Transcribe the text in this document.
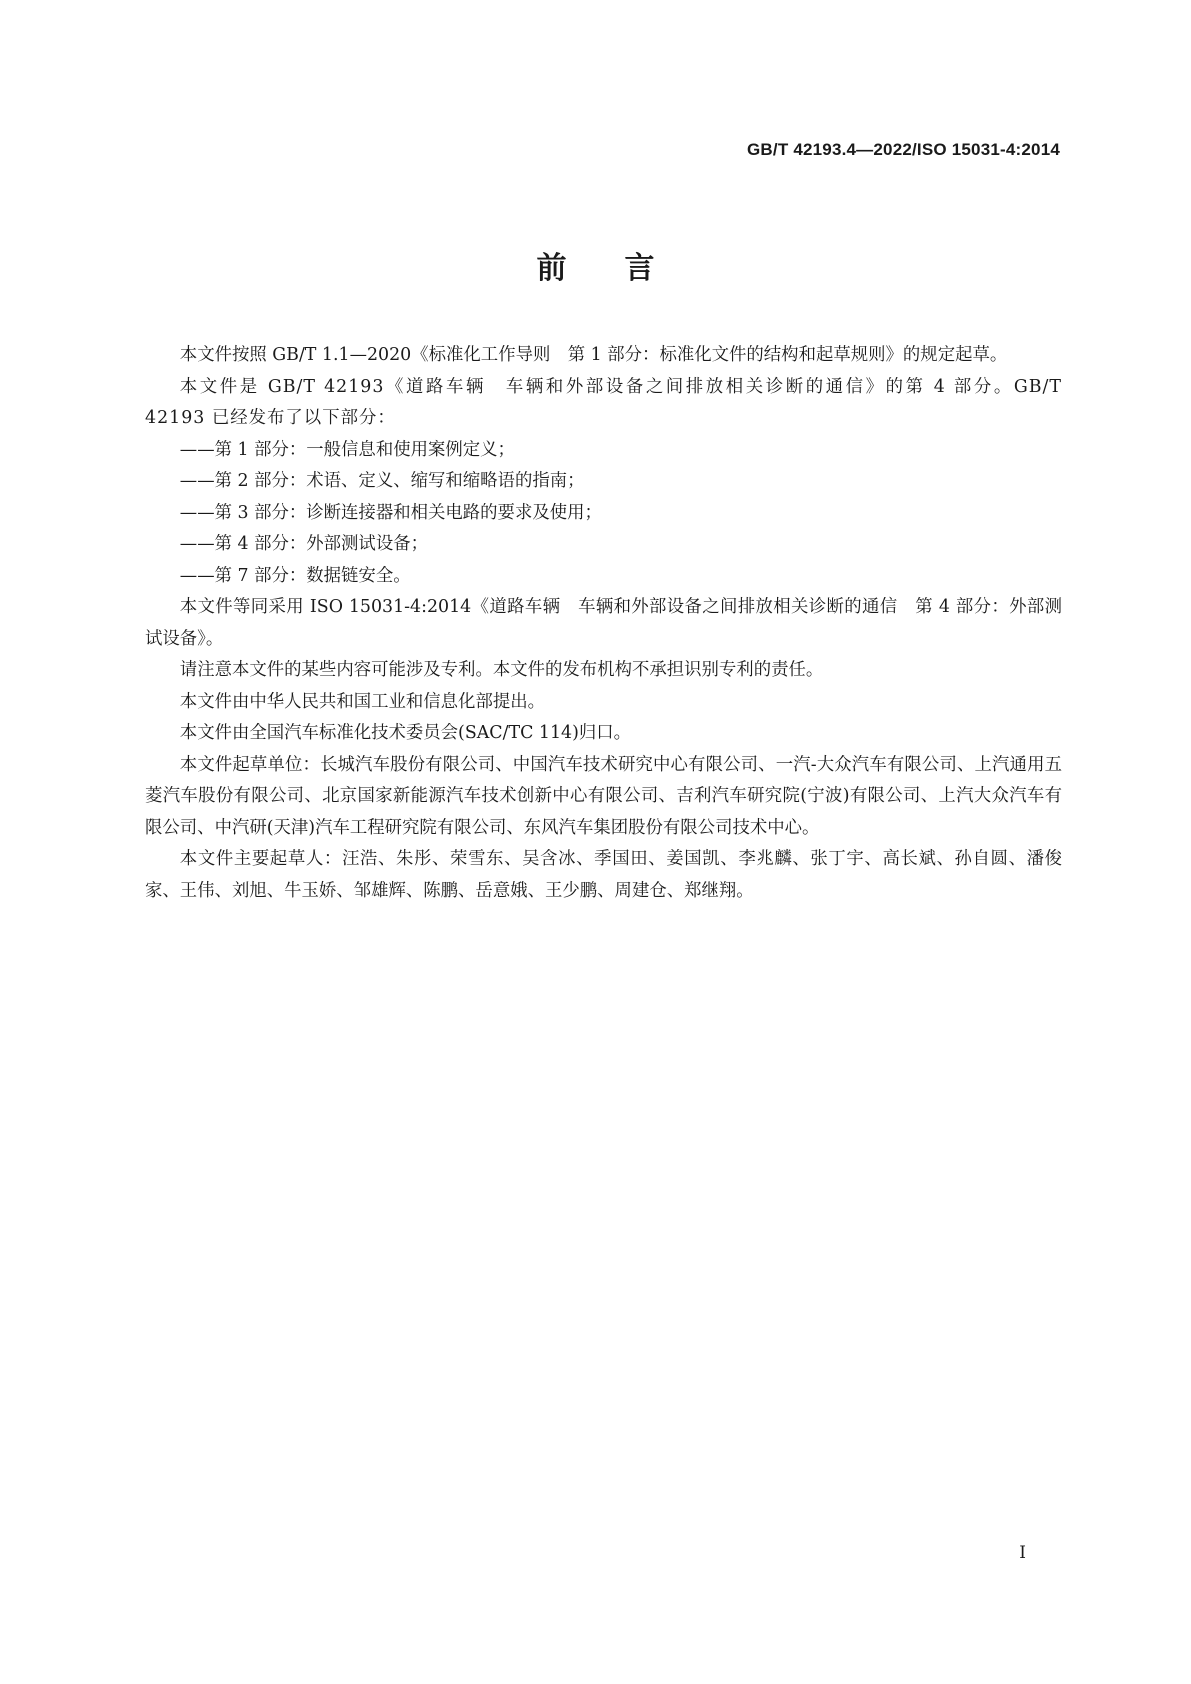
GB/T 42193.4—2022/ISO 15031-4:2014
前 言

本文件按照 GB/T 1.1—2020《标准化工作导则　第 1 部分：标准化文件的结构和起草规则》的规定起草。

本文件是 GB/T 42193《道路车辆　车辆和外部设备之间排放相关诊断的通信》的第 4 部分。GB/T 42193 已经发布了以下部分：

——第 1 部分：一般信息和使用案例定义；

——第 2 部分：术语、定义、缩写和缩略语的指南；

——第 3 部分：诊断连接器和相关电路的要求及使用；

——第 4 部分：外部测试设备；

——第 7 部分：数据链安全。

本文件等同采用 ISO 15031-4:2014《道路车辆　车辆和外部设备之间排放相关诊断的通信　第 4 部分：外部测试设备》。

请注意本文件的某些内容可能涉及专利。本文件的发布机构不承担识别专利的责任。

本文件由中华人民共和国工业和信息化部提出。

本文件由全国汽车标准化技术委员会(SAC/TC 114)归口。

本文件起草单位：长城汽车股份有限公司、中国汽车技术研究中心有限公司、一汽-大众汽车有限公司、上汽通用五菱汽车股份有限公司、北京国家新能源汽车技术创新中心有限公司、吉利汽车研究院(宁波)有限公司、上汽大众汽车有限公司、中汽研(天津)汽车工程研究院有限公司、东风汽车集团股份有限公司技术中心。

本文件主要起草人：汪浩、朱彤、荣雪东、吴含冰、季国田、姜国凯、李兆麟、张丁宇、高长斌、孙自圆、潘俊家、王伟、刘旭、牛玉娇、邹雄辉、陈鹏、岳意娥、王少鹏、周建仓、郑继翔。

I
